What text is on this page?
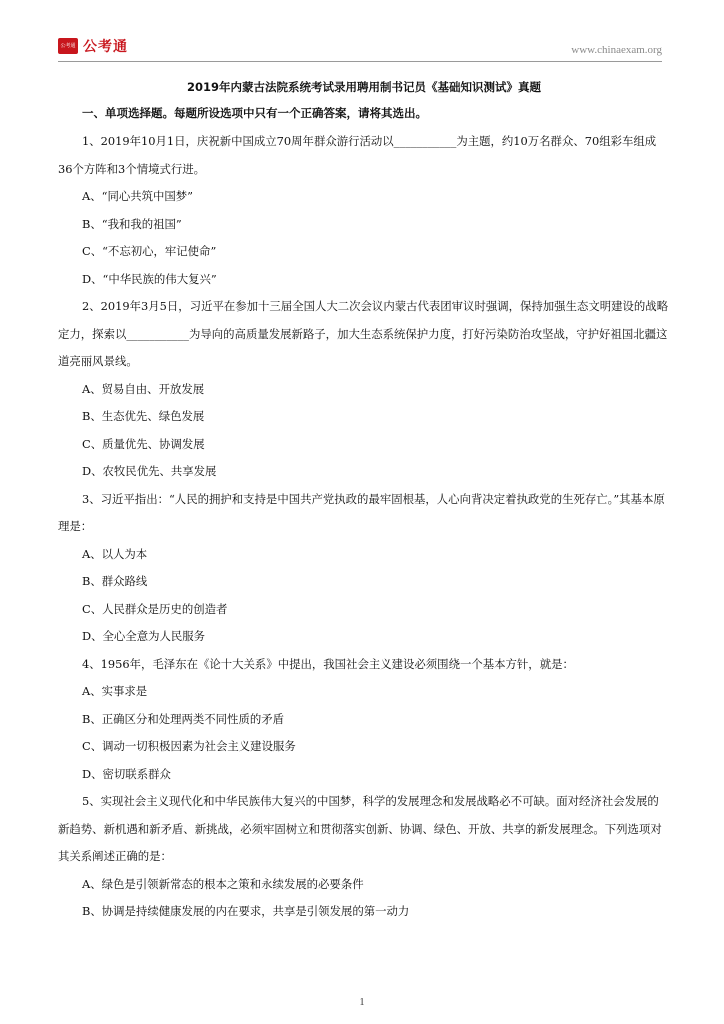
公考通 公考通	www.chinaexam.org
2019年内蒙古法院系统考试录用聘用制书记员《基础知识测试》真题
一、单项选择题。每题所设选项中只有一个正确答案，请将其选出。

1、2019年10月1日，庆祝新中国成立70周年群众游行活动以___________为主题，约10万名群众、70组彩车组成36个方阵和3个情境式行进。

A、“同心共筑中国梦”

B、“我和我的祖国”

C、“不忘初心，牢记使命”

D、“中华民族的伟大复兴”

2、2019年3月5日，习近平在参加十三届全国人大二次会议内蒙古代表团审议时强调，保持加强生态文明建设的战略定力，探索以___________为导向的高质量发展新路子，加大生态系统保护力度，打好污染防治攻坚战，守护好祖国北疆这道亮丽风景线。

A、贸易自由、开放发展

B、生态优先、绿色发展

C、质量优先、协调发展

D、农牧民优先、共享发展

3、习近平指出：“人民的拥护和支持是中国共产党执政的最牢固根基，人心向背决定着执政党的生死存亡。”其基本原理是：

A、以人为本

B、群众路线

C、人民群众是历史的创造者

D、全心全意为人民服务

4、1956年，毛泽东在《论十大关系》中提出，我国社会主义建设必须围绕一个基本方针，就是：

A、实事求是

B、正确区分和处理两类不同性质的矛盾

C、调动一切积极因素为社会主义建设服务

D、密切联系群众

5、实现社会主义现代化和中华民族伟大复兴的中国梦，科学的发展理念和发展战略必不可缺。面对经济社会发展的新趋势、新机遇和新矛盾、新挑战，必须牢固树立和贯彻落实创新、协调、绿色、开放、共享的新发展理念。下列选项对其关系阐述正确的是：

A、绿色是引领新常态的根本之策和永续发展的必要条件

B、协调是持续健康发展的内在要求，共享是引领发展的第一动力

1
